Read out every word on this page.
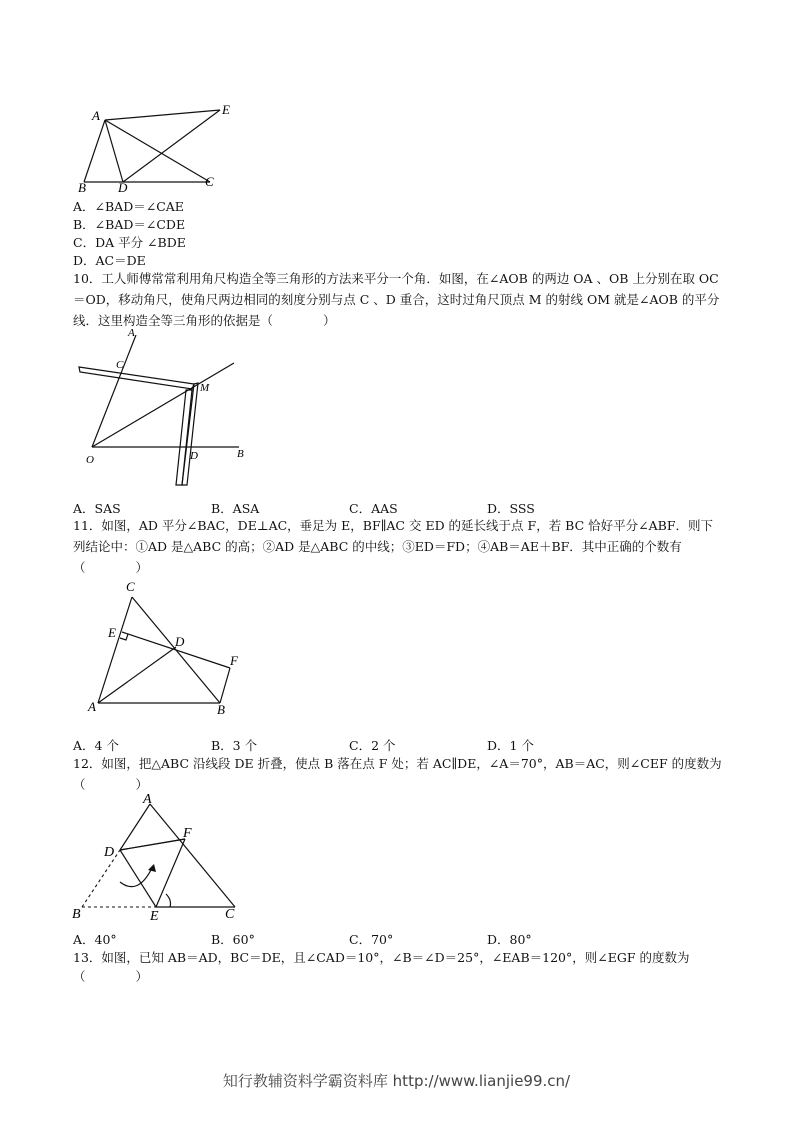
A	E
B D	C
A．∠BAD＝∠CAE
B．∠BAD＝∠CDE
C．DA 平分 ∠BDE
D．AC＝DE
10．工人师傅常常利用角尺构造全等三角形的方法来平分一个角．如图，在∠AOB 的两边 OA 、OB 上分别在取 OC＝OD，移动角尺，使角尺两边相同的刻度分别与点 C 、D 重合，这时过角尺顶点 M 的射线 OM 就是∠AOB 的平分线．这里构造全等三角形的依据是（　　　　）
A
C
M
O	D	B
A．SAS	B．ASA	C．AAS	D．SSS
11．如图，AD 平分∠BAC，DE⊥AC，垂足为 E，BF∥AC 交 ED 的延长线于点 F，若 BC 恰好平分∠ABF．则下列结论中：①AD 是△ABC 的高；②AD 是△ABC 的中线；③ED＝FD；④AB＝AE＋BF．其中正确的个数有（　　　　）
C
E
D
F
A	B
A．4 个	B．3 个	C．2 个	D．1 个
12．如图，把△ABC 沿线段 DE 折叠，使点 B 落在点 F 处；若 AC∥DE，∠A＝70°，AB＝AC，则∠CEF 的度数为（　　　　）
A
F
D
B	E	C
A．40°	B．60°	C．70°	D．80°
13．如图，已知 AB＝AD，BC＝DE，且∠CAD＝10°，∠B＝∠D＝25°，∠EAB＝120°，则∠EGF 的度数为
（　　　　）
知行教辅资料学霸资料库 http://www.lianjie99.cn/
